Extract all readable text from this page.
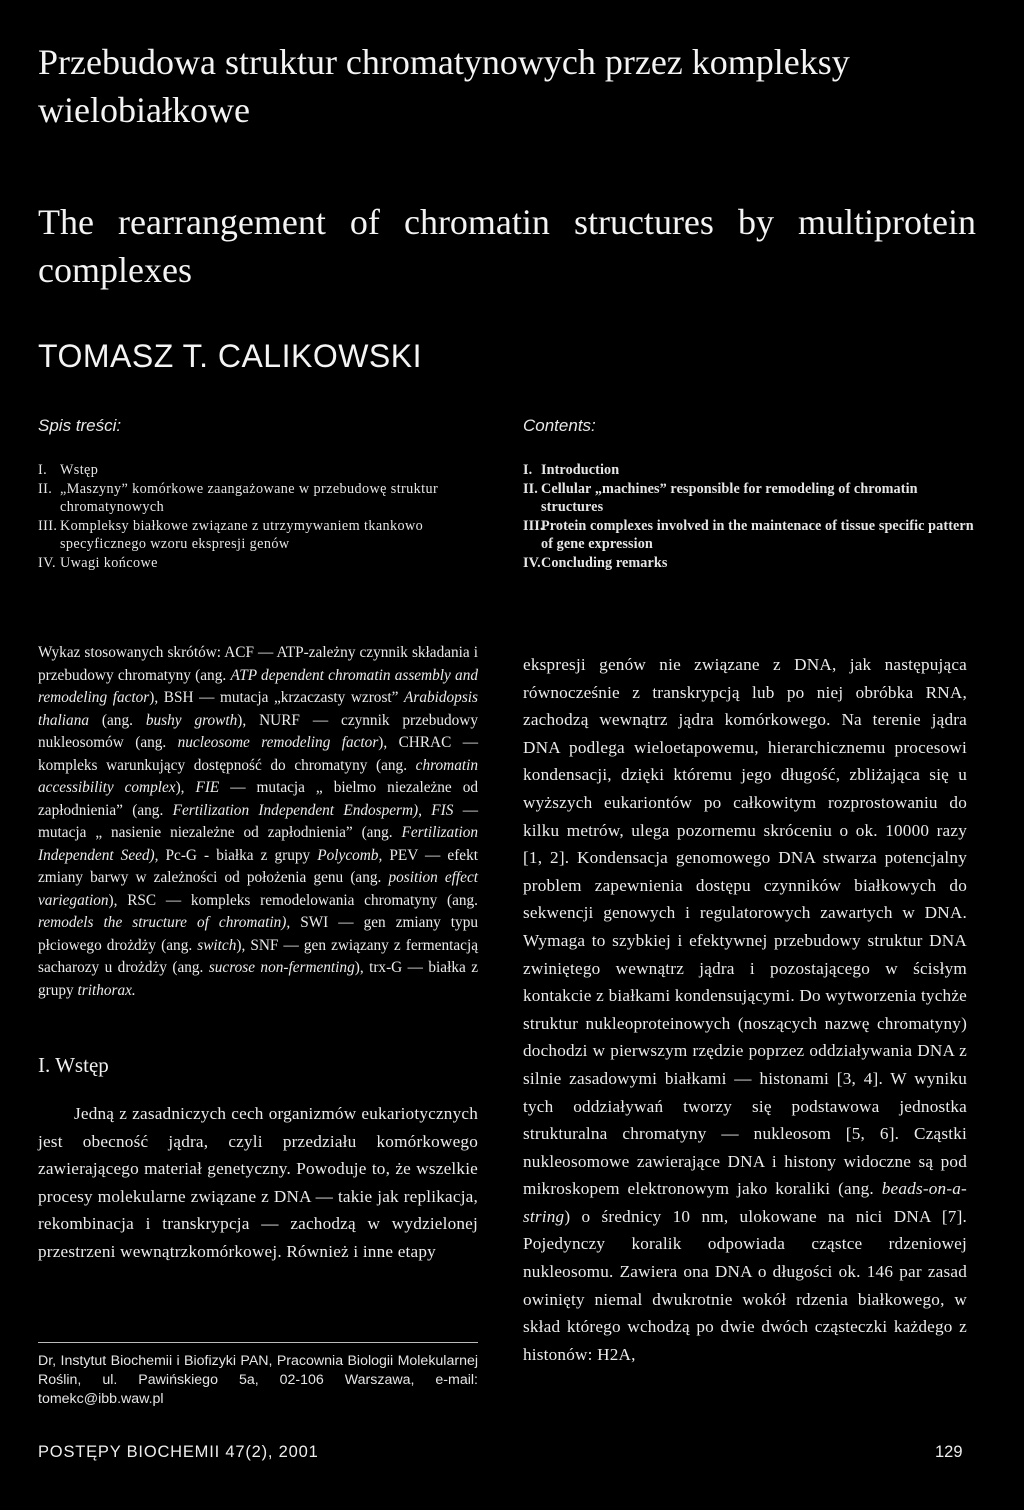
Przebudowa struktur chromatynowych przez kompleksy wielobiałkowe
The rearrangement of chromatin structures by multiprotein complexes
TOMASZ T. CALIKOWSKI
Spis treści:
I. Wstęp
II. „Maszyny” komórkowe zaangażowane w przebudowę struktur chromatynowych
III. Kompleksy białkowe związane z utrzymywaniem tkankowo specyficznego wzoru ekspresji genów
IV. Uwagi końcowe
Contents:
I. Introduction
II. Cellular „machines” responsible for remodeling of chromatin structures
III.
Protein complexes involved in the maintenace of tissue specific pattern of gene expression
IV. Concluding remarks
Wykaz stosowanych skrótów: ACF — ATP-zależny czynnik składania i przebudowy chromatyny (ang. ATP dependent chromatin assembly and remodeling factor), BSH — mutacja „krzaczasty wzrost” Arabidopsis thaliana (ang. bushy growth), NURF — czynnik przebudowy nukleosomów (ang. nucleosome remodeling factor), CHRAC — kompleks warunkujący dostępność do chromatyny (ang. chromatin accessibility complex), FIE — mutacja „ bielmo niezależne od zapłodnienia” (ang. Fertilization Independent Endosperm), FIS — mutacja „ nasienie niezależne od zapłodnienia” (ang. Fertilization Independent Seed), Pc-G - białka z grupy Polycomb, PEV — efekt zmiany barwy w zależności od położenia genu (ang. position effect variegation), RSC — kompleks remodelowania chromatyny (ang. remodels the structure of chromatin), SWI — gen zmiany typu płciowego drożdży (ang. switch), SNF — gen związany z fermentacją sacharozy u drożdży (ang. sucrose non-fermenting), trx-G — białka z grupy trithorax.
I. Wstęp

Jedną z zasadniczych cech organizmów eukariotycznych jest obecność jądra, czyli przedziału komórkowego zawierającego materiał genetyczny. Powoduje to, że wszelkie procesy molekularne związane z DNA — takie jak replikacja, rekombinacja i transkrypcja — zachodzą w wydzielonej przestrzeni wewnątrzkomórkowej. Również i inne etapy

ekspresji genów nie związane z DNA, jak następująca równocześnie z transkrypcją lub po niej obróbka RNA, zachodzą wewnątrz jądra komórkowego. Na terenie jądra DNA podlega wieloetapowemu, hierarchicznemu procesowi kondensacji, dzięki któremu jego długość, zbliżająca się u wyższych eukariontów po całkowitym rozprostowaniu do kilku metrów, ulega pozornemu skróceniu o ok. 10000 razy [1, 2]. Kondensacja genomowego DNA stwarza potencjalny problem zapewnienia dostępu czynników białkowych do sekwencji genowych i regulatorowych zawartych w DNA. Wymaga to szybkiej i efektywnej przebudowy struktur DNA zwiniętego wewnątrz jądra i pozostającego w ścisłym kontakcie z białkami kondensującymi. Do wytworzenia tychże struktur nukleoproteinowych (noszących nazwę chromatyny) dochodzi w pierwszym rzędzie poprzez oddziaływania DNA z silnie zasadowymi białkami — histonami [3, 4]. W wyniku tych oddziaływań tworzy się podstawowa jednostka strukturalna chromatyny — nukleosom [5, 6]. Cząstki nukleosomowe zawierające DNA i histony widoczne są pod mikroskopem elektronowym jako koraliki (ang. beads-on-a-string) o średnicy 10 nm, ulokowane na nici DNA [7]. Pojedynczy koralik odpowiada cząstce rdzeniowej nukleosomu. Zawiera ona DNA o długości ok. 146 par zasad owinięty niemal dwukrotnie wokół rdzenia białkowego, w skład którego wchodzą po dwie dwóch cząsteczki każdego z histonów: H2A,
Dr, Instytut Biochemii i Biofizyki PAN, Pracownia Biologii Molekularnej Roślin, ul. Pawińskiego 5a, 02-106 Warszawa, e-mail: tomekc@ibb.waw.pl
POSTĘPY BIOCHEMII 47(2), 2001	129
